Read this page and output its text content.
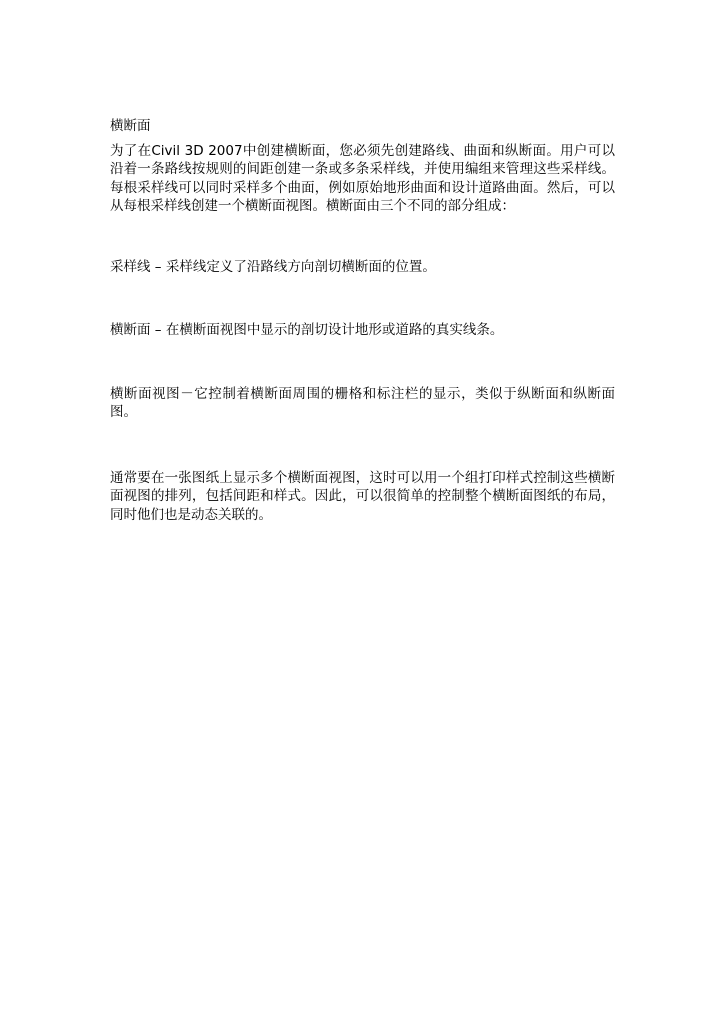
横断面

为了在Civil 3D 2007中创建横断面，您必须先创建路线、曲面和纵断面。用户可以沿着一条路线按规则的间距创建一条或多条采样线，并使用编组来管理这些采样线。每根采样线可以同时采样多个曲面，例如原始地形曲面和设计道路曲面。然后，可以从每根采样线创建一个横断面视图。横断面由三个不同的部分组成：

采样线 – 采样线定义了沿路线方向剖切横断面的位置。

横断面 – 在横断面视图中显示的剖切设计地形或道路的真实线条。

横断面视图－它控制着横断面周围的栅格和标注栏的显示，类似于纵断面和纵断面图。

通常要在一张图纸上显示多个横断面视图，这时可以用一个组打印样式控制这些横断面视图的排列，包括间距和样式。因此，可以很简单的控制整个横断面图纸的布局，同时他们也是动态关联的。
